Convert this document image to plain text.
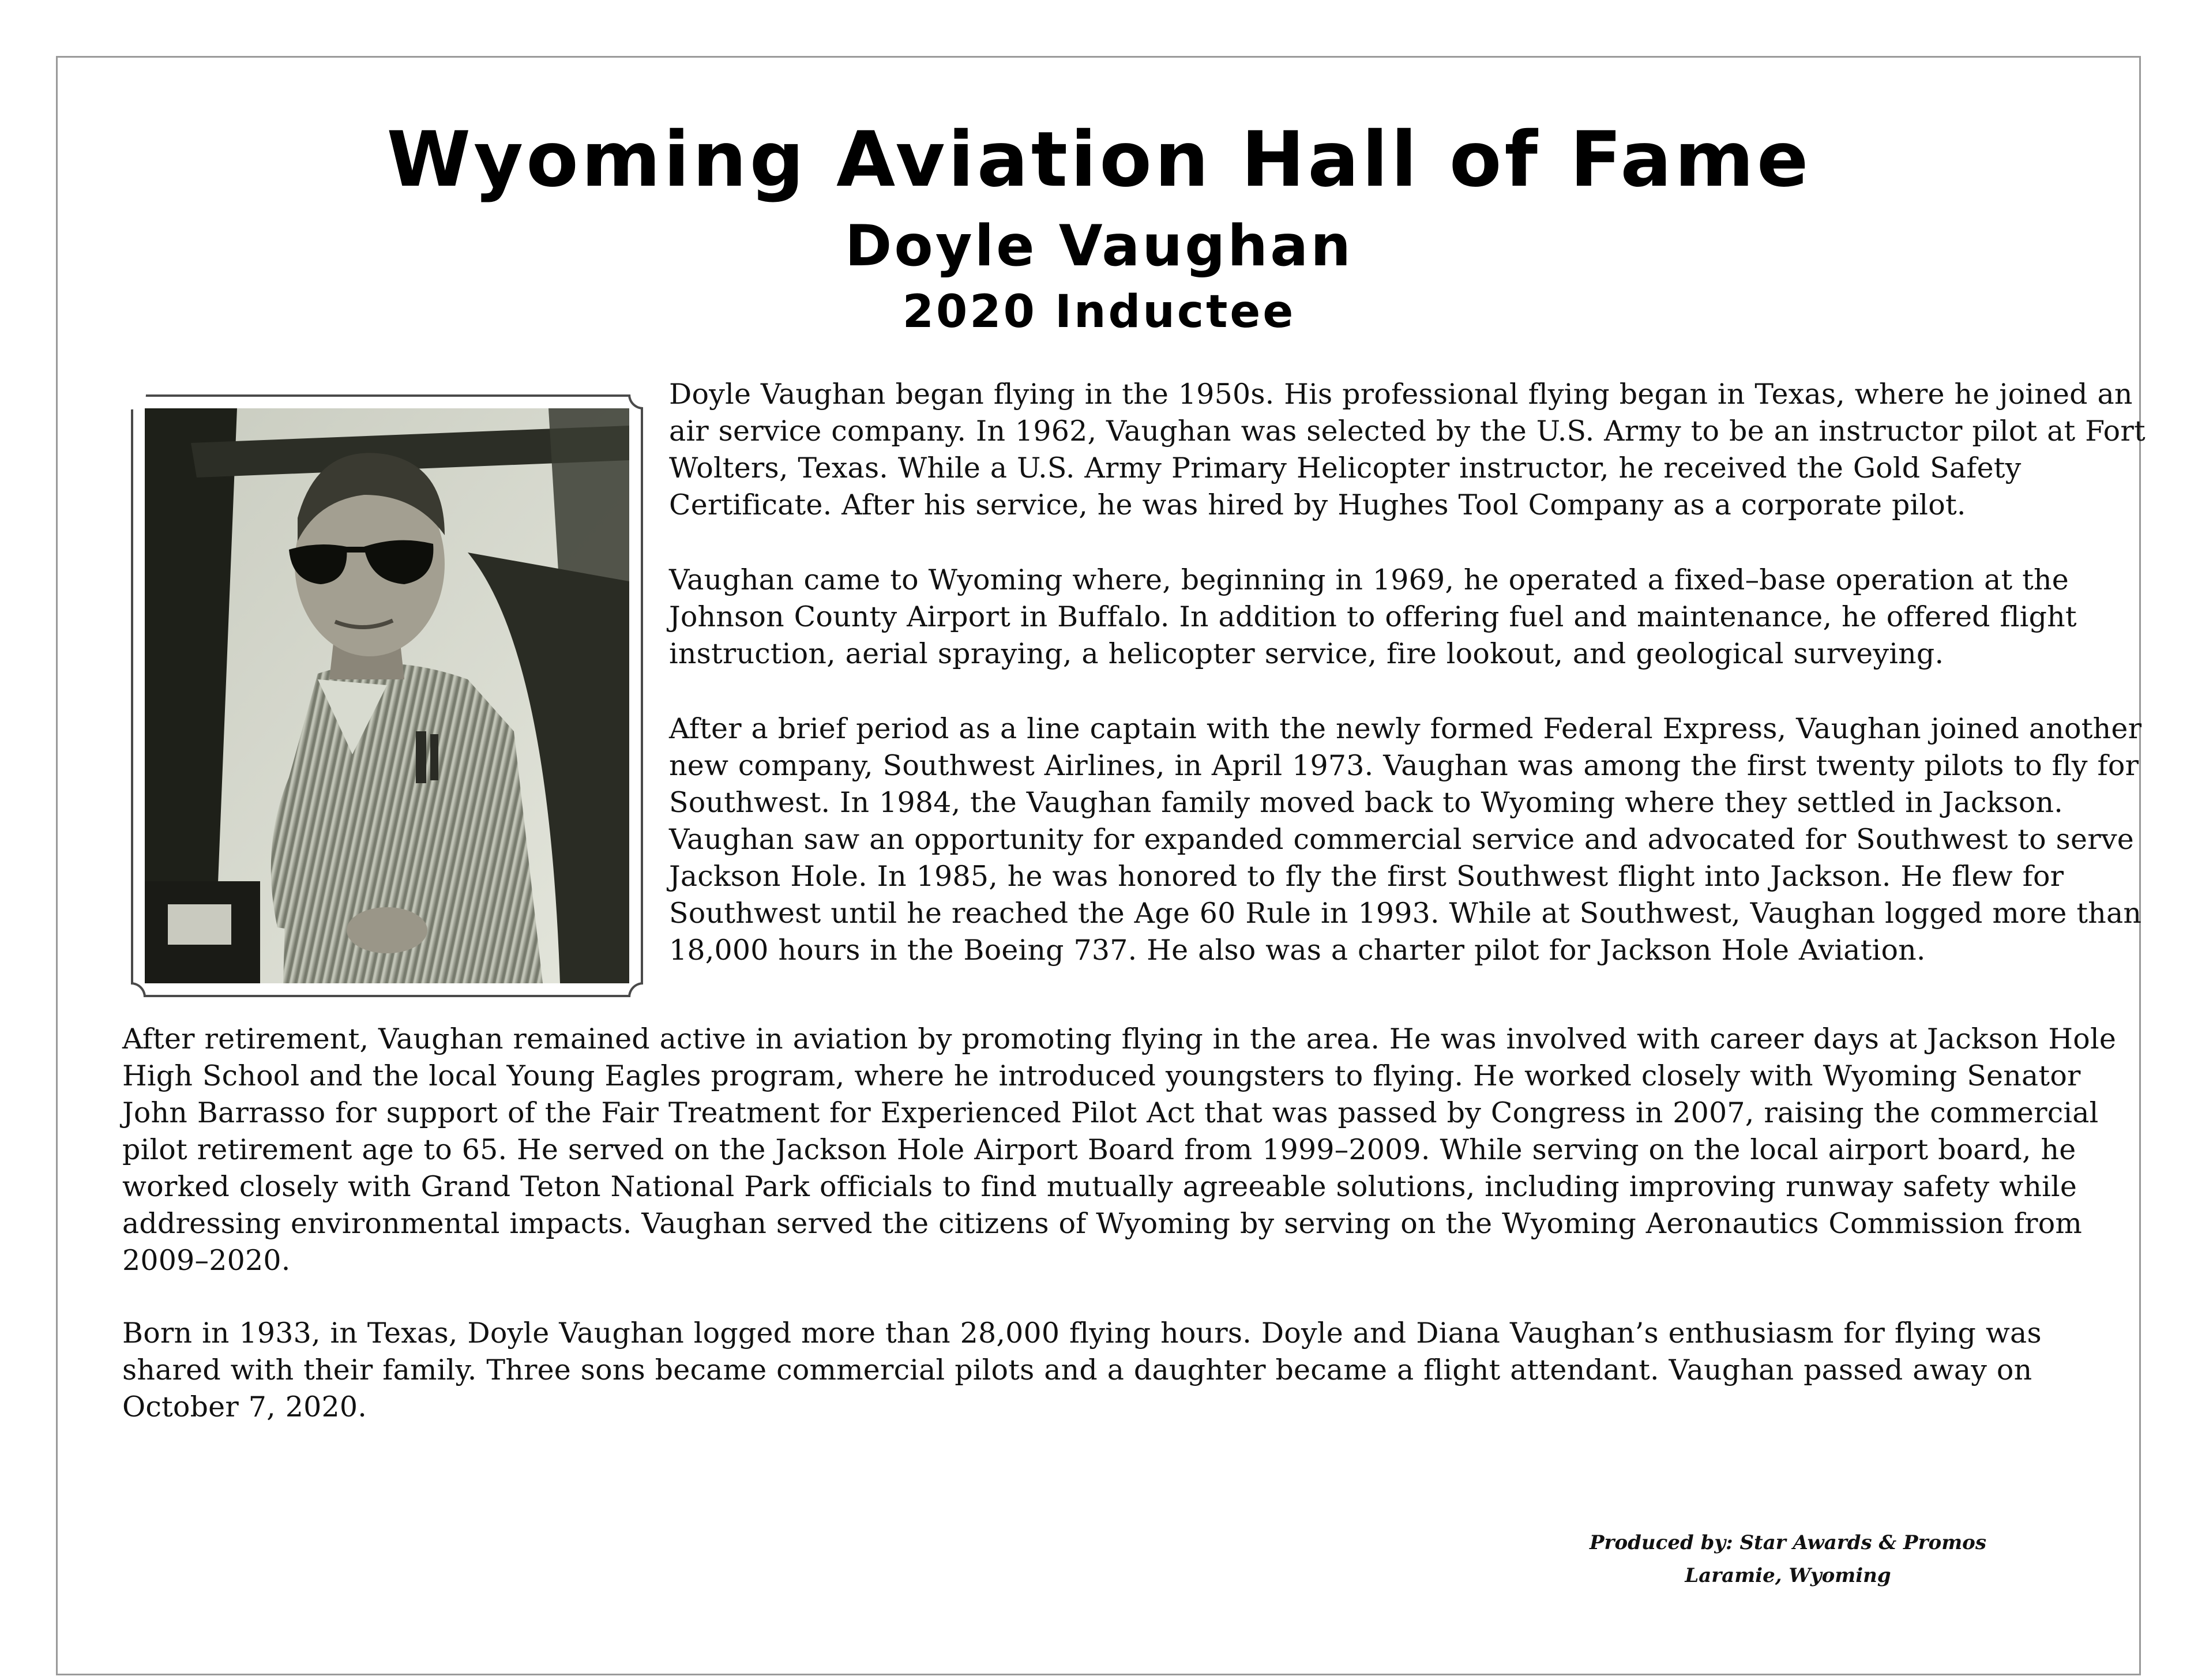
Wyoming Aviation Hall of Fame
Doyle Vaughan
2020 Inductee

Doyle Vaughan began flying in the 1950s. His professional flying began in Texas, where he joined an air service company. In 1962, Vaughan was selected by the U.S. Army to be an instructor pilot at Fort Wolters, Texas. While a U.S. Army Primary Helicopter instructor, he received the Gold Safety Certificate. After his service, he was hired by Hughes Tool Company as a corporate pilot.

Vaughan came to Wyoming where, beginning in 1969, he operated a fixed–base operation at the Johnson County Airport in Buffalo. In addition to offering fuel and maintenance, he offered flight instruction, aerial spraying, a helicopter service, fire lookout, and geological surveying.

After a brief period as a line captain with the newly formed Federal Express, Vaughan joined another new company, Southwest Airlines, in April 1973. Vaughan was among the first twenty pilots to fly for Southwest. In 1984, the Vaughan family moved back to Wyoming where they settled in Jackson. Vaughan saw an opportunity for expanded commercial service and advocated for Southwest to serve Jackson Hole. In 1985, he was honored to fly the first Southwest flight into Jackson. He flew for Southwest until he reached the Age 60 Rule in 1993. While at Southwest, Vaughan logged more than 18,000 hours in the Boeing 737. He also was a charter pilot for Jackson Hole Aviation.

After retirement, Vaughan remained active in aviation by promoting flying in the area. He was involved with career days at Jackson Hole High School and the local Young Eagles program, where he introduced youngsters to flying. He worked closely with Wyoming Senator John Barrasso for support of the Fair Treatment for Experienced Pilot Act that was passed by Congress in 2007, raising the commercial pilot retirement age to 65. He served on the Jackson Hole Airport Board from 1999–2009. While serving on the local airport board, he worked closely with Grand Teton National Park officials to find mutually agreeable solutions, including improving runway safety while addressing environmental impacts. Vaughan served the citizens of Wyoming by serving on the Wyoming Aeronautics Commission from 2009–2020.

Born in 1933, in Texas, Doyle Vaughan logged more than 28,000 flying hours. Doyle and Diana Vaughan’s enthusiasm for flying was shared with their family. Three sons became commercial pilots and a daughter became a flight attendant. Vaughan passed away on October 7, 2020.

Produced by: Star Awards & Promos
Laramie, Wyoming
